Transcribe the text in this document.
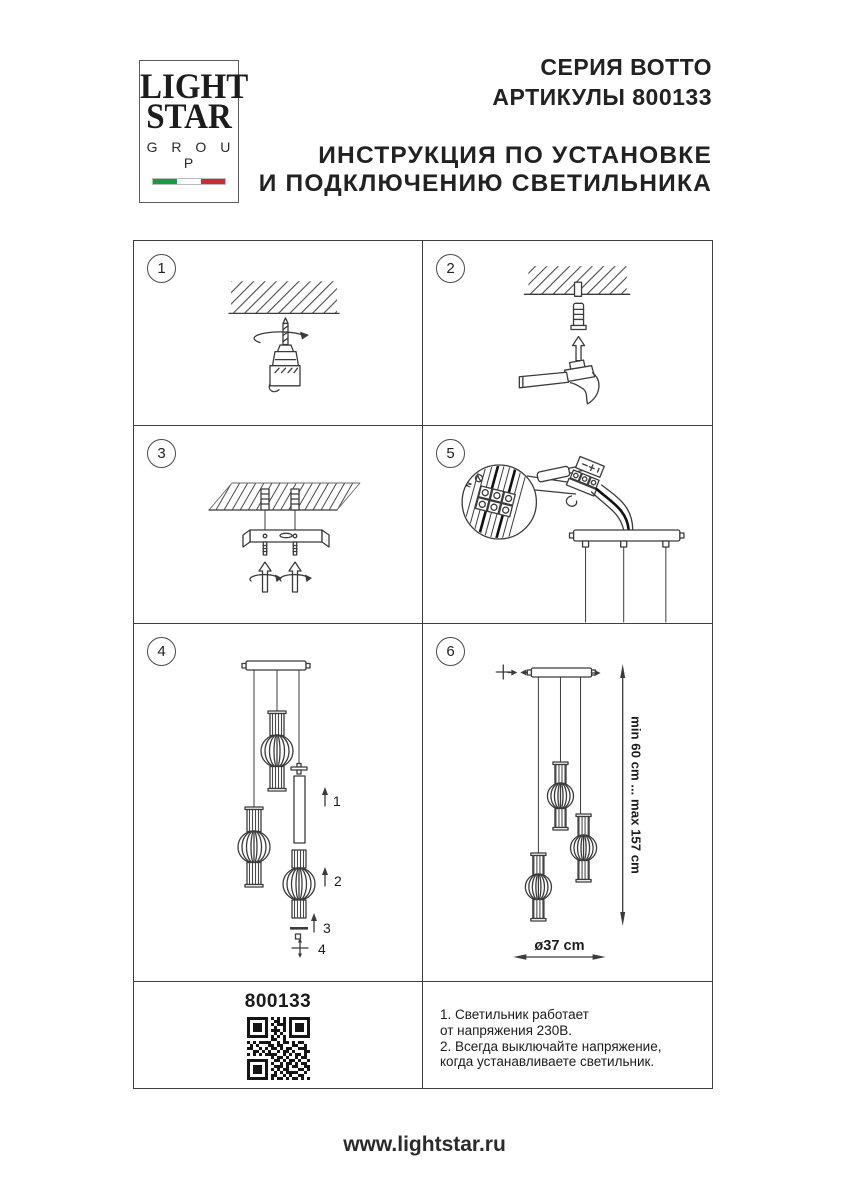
LIGHT
STAR
G R O U P
СЕРИЯ ВОТТО
АРТИКУЛЫ 800133
ИНСТРУКЦИЯ ПО УСТАНОВКЕ
И ПОДКЛЮЧЕНИЮ СВЕТИЛЬНИКА
1	2
3	5
N
4
1
2
3
4
6
min 60 cm ... max 157 cm
ø37 cm
800133
1. Светильник работает
от напряжения 230В.
2. Всегда выключайте напряжение,
когда устанавливаете светильник.
www.lightstar.ru
